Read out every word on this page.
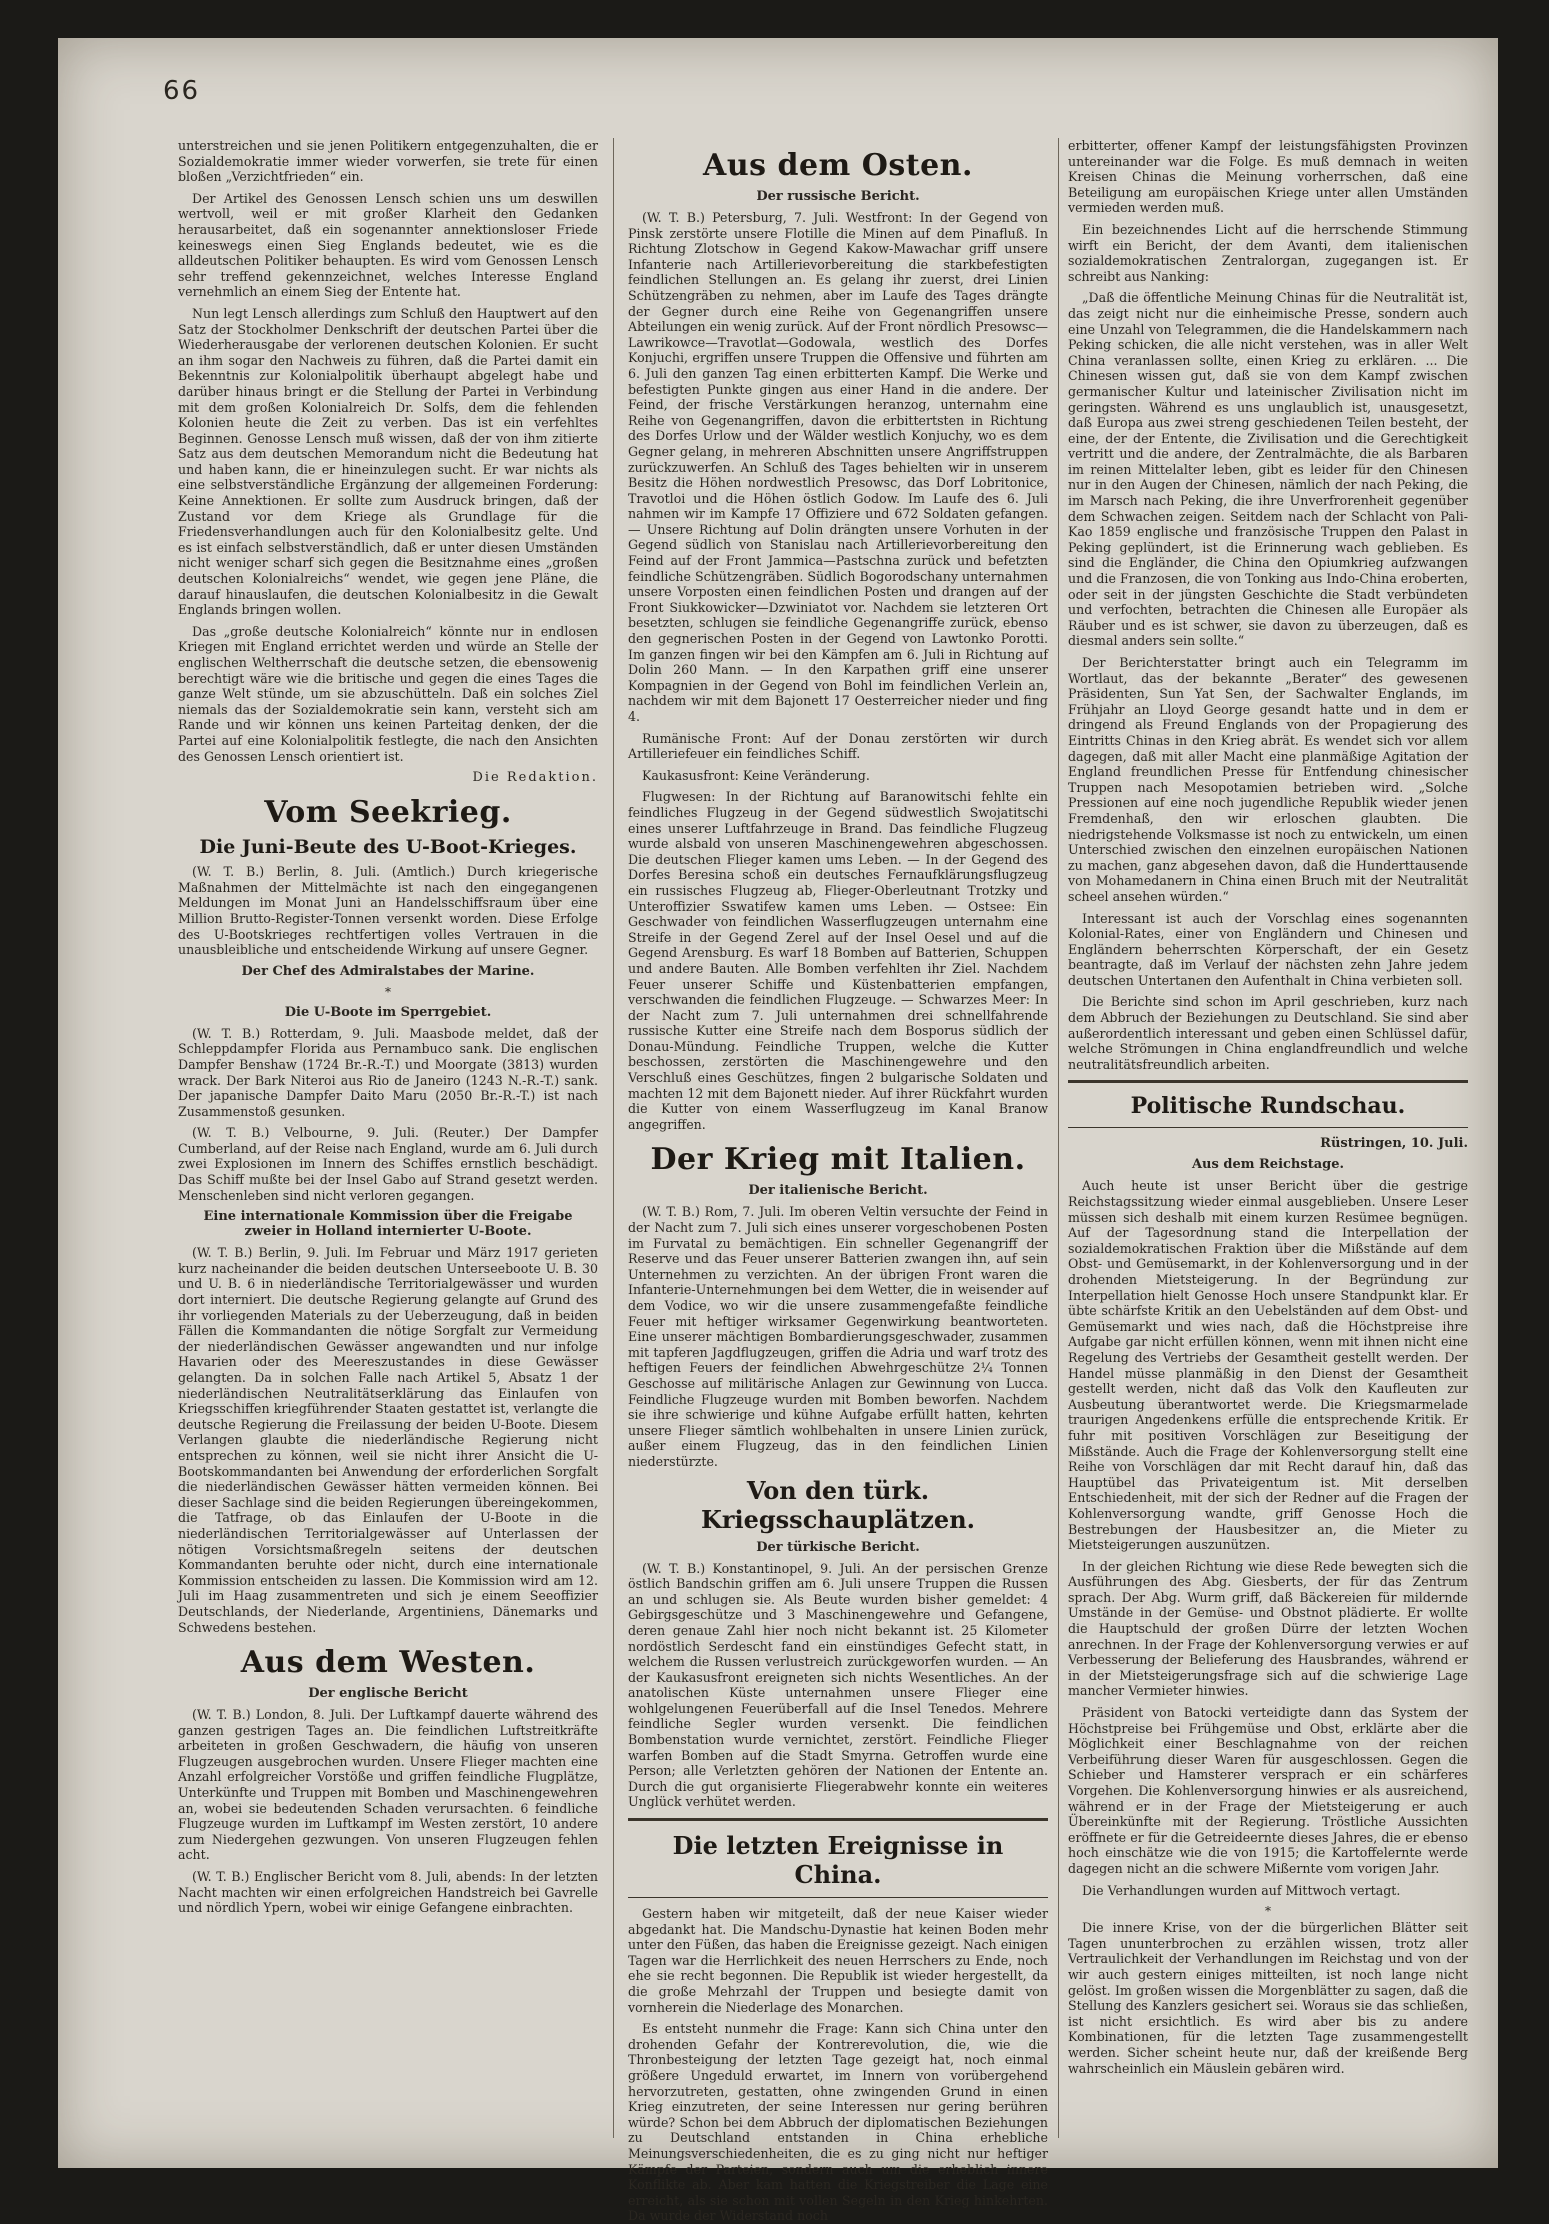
66

unterstreichen und sie jenen Politikern entgegenzuhalten, die er Sozialdemokratie immer wieder vorwerfen, sie trete für einen bloßen „Verzichtfrieden“ ein.

Der Artikel des Genossen Lensch schien uns um deswillen wertvoll, weil er mit großer Klarheit den Gedanken herausarbeitet, daß ein sogenannter annektionsloser Friede keineswegs einen Sieg Englands bedeutet, wie es die alldeutschen Politiker behaupten. Es wird vom Genossen Lensch sehr treffend gekennzeichnet, welches Interesse England vernehmlich an einem Sieg der Entente hat.

Nun legt Lensch allerdings zum Schluß den Hauptwert auf den Satz der Stockholmer Denkschrift der deutschen Partei über die Wiederherausgabe der verlorenen deutschen Kolonien. Er sucht an ihm sogar den Nachweis zu führen, daß die Partei damit ein Bekenntnis zur Kolonialpolitik überhaupt abgelegt habe und darüber hinaus bringt er die Stellung der Partei in Verbindung mit dem großen Kolonialreich Dr. Solfs, dem die fehlenden Kolonien heute die Zeit zu verben. Das ist ein verfehltes Beginnen. Genosse Lensch muß wissen, daß der von ihm zitierte Satz aus dem deutschen Memorandum nicht die Bedeutung hat und haben kann, die er hineinzulegen sucht. Er war nichts als eine selbstverständliche Ergänzung der allgemeinen Forderung: Keine Annektionen. Er sollte zum Ausdruck bringen, daß der Zustand vor dem Kriege als Grundlage für die Friedensverhandlungen auch für den Kolonialbesitz gelte. Und es ist einfach selbstverständlich, daß er unter diesen Umständen nicht weniger scharf sich gegen die Besitznahme eines „großen deutschen Kolonialreichs“ wendet, wie gegen jene Pläne, die darauf hinauslaufen, die deutschen Kolonialbesitz in die Gewalt Englands bringen wollen.

Das „große deutsche Kolonialreich“ könnte nur in endlosen Kriegen mit England errichtet werden und würde an Stelle der englischen Weltherrschaft die deutsche setzen, die ebensowenig berechtigt wäre wie die britische und gegen die eines Tages die ganze Welt stünde, um sie abzuschütteln. Daß ein solches Ziel niemals das der Sozialdemokratie sein kann, versteht sich am Rande und wir können uns keinen Parteitag denken, der die Partei auf eine Kolonialpolitik festlegte, die nach den Ansichten des Genossen Lensch orientiert ist.

Die Redaktion.
Vom Seekrieg.
Die Juni-Beute des U-Boot-Krieges.

(W. T. B.) Berlin, 8. Juli. (Amtlich.) Durch kriegerische Maßnahmen der Mittelmächte ist nach den eingegangenen Meldungen im Monat Juni an Handelsschiffsraum über eine Million Brutto-Register-Tonnen versenkt worden. Diese Erfolge des U-Bootskrieges rechtfertigen volles Vertrauen in die unausbleibliche und entscheidende Wirkung auf unsere Gegner.

Der Chef des Admiralstabes der Marine.
*
Die U-Boote im Sperrgebiet.

(W. T. B.) Rotterdam, 9. Juli. Maasbode meldet, daß der Schleppdampfer Florida aus Pernambuco sank. Die englischen Dampfer Benshaw (1724 Br.-R.-T.) und Moorgate (3813) wurden wrack. Der Bark Niteroi aus Rio de Janeiro (1243 N.-R.-T.) sank. Der japanische Dampfer Daito Maru (2050 Br.-R.-T.) ist nach Zusammenstoß gesunken.

(W. T. B.) Velbourne, 9. Juli. (Reuter.) Der Dampfer Cumberland, auf der Reise nach England, wurde am 6. Juli durch zwei Explosionen im Innern des Schiffes ernstlich beschädigt. Das Schiff mußte bei der Insel Gabo auf Strand gesetzt werden. Menschenleben sind nicht verloren gegangen.

Eine internationale Kommission über die Freigabe zweier in Holland internierter U-Boote.

(W. T. B.) Berlin, 9. Juli. Im Februar und März 1917 gerieten kurz nacheinander die beiden deutschen Unterseeboote U. B. 30 und U. B. 6 in niederländische Territorialgewässer und wurden dort interniert. Die deutsche Regierung gelangte auf Grund des ihr vorliegenden Materials zu der Ueberzeugung, daß in beiden Fällen die Kommandanten die nötige Sorgfalt zur Vermeidung der niederländischen Gewässer angewandten und nur infolge Havarien oder des Meereszustandes in diese Gewässer gelangten. Da in solchen Falle nach Artikel 5, Absatz 1 der niederländischen Neutralitätserklärung das Einlaufen von Kriegsschiffen kriegführender Staaten gestattet ist, verlangte die deutsche Regierung die Freilassung der beiden U-Boote. Diesem Verlangen glaubte die niederländische Regierung nicht entsprechen zu können, weil sie nicht ihrer Ansicht die U-Bootskommandanten bei Anwendung der erforderlichen Sorgfalt die niederländischen Gewässer hätten vermeiden können. Bei dieser Sachlage sind die beiden Regierungen übereingekommen, die Tatfrage, ob das Einlaufen der U-Boote in die niederländischen Territorialgewässer auf Unterlassen der nötigen Vorsichtsmaßregeln seitens der deutschen Kommandanten beruhte oder nicht, durch eine internationale Kommission entscheiden zu lassen. Die Kommission wird am 12. Juli im Haag zusammentreten und sich je einem Seeoffizier Deutschlands, der Niederlande, Argentiniens, Dänemarks und Schwedens bestehen.

Aus dem Westen.
Der englische Bericht

(W. T. B.) London, 8. Juli. Der Luftkampf dauerte während des ganzen gestrigen Tages an. Die feindlichen Luftstreitkräfte arbeiteten in großen Geschwadern, die häufig von unseren Flugzeugen ausgebrochen wurden. Unsere Flieger machten eine Anzahl erfolgreicher Vorstöße und griffen feindliche Flugplätze, Unterkünfte und Truppen mit Bomben und Maschinengewehren an, wobei sie bedeutenden Schaden verursachten. 6 feindliche Flugzeuge wurden im Luftkampf im Westen zerstört, 10 andere zum Niedergehen gezwungen. Von unseren Flugzeugen fehlen acht.

(W. T. B.) Englischer Bericht vom 8. Juli, abends: In der letzten Nacht machten wir einen erfolgreichen Handstreich bei Gavrelle und nördlich Ypern, wobei wir einige Gefangene einbrachten.

Aus dem Osten.
Der russische Bericht.

(W. T. B.) Petersburg, 7. Juli. Westfront: In der Gegend von Pinsk zerstörte unsere Flotille die Minen auf dem Pinafluß. In Richtung Zlotschow in Gegend Kakow-Mawachar griff unsere Infanterie nach Artillerievorbereitung die starkbefestigten feindlichen Stellungen an. Es gelang ihr zuerst, drei Linien Schützengräben zu nehmen, aber im Laufe des Tages drängte der Gegner durch eine Reihe von Gegenangriffen unsere Abteilungen ein wenig zurück. Auf der Front nördlich Presowsc—Lawrikowce—Travotlat—Godowala, westlich des Dorfes Konjuchi, ergriffen unsere Truppen die Offensive und führten am 6. Juli den ganzen Tag einen erbitterten Kampf. Die Werke und befestigten Punkte gingen aus einer Hand in die andere. Der Feind, der frische Verstärkungen heranzog, unternahm eine Reihe von Gegenangriffen, davon die erbittertsten in Richtung des Dorfes Urlow und der Wälder westlich Konjuchy, wo es dem Gegner gelang, in mehreren Abschnitten unsere Angriffstruppen zurückzuwerfen. An Schluß des Tages behielten wir in unserem Besitz die Höhen nordwestlich Presowsc, das Dorf Lobritonice, Travotloi und die Höhen östlich Godow. Im Laufe des 6. Juli nahmen wir im Kampfe 17 Offiziere und 672 Soldaten gefangen. — Unsere Richtung auf Dolin drängten unsere Vorhuten in der Gegend südlich von Stanislau nach Artillerievorbereitung den Feind auf der Front Jammica—Pastschna zurück und befetzten feindliche Schützengräben. Südlich Bogorodschany unternahmen unsere Vorposten einen feindlichen Posten und drangen auf der Front Siukkowicker—Dzwiniatot vor. Nachdem sie letzteren Ort besetzten, schlugen sie feindliche Gegenangriffe zurück, ebenso den gegnerischen Posten in der Gegend von Lawtonko Porotti. Im ganzen fingen wir bei den Kämpfen am 6. Juli in Richtung auf Dolin 260 Mann. — In den Karpathen griff eine unserer Kompagnien in der Gegend von Bohl im feindlichen Verlein an, nachdem wir mit dem Bajonett 17 Oesterreicher nieder und fing 4.

Rumänische Front: Auf der Donau zerstörten wir durch Artilleriefeuer ein feindliches Schiff.

Kaukasusfront: Keine Veränderung.

Flugwesen: In der Richtung auf Baranowitschi fehlte ein feindliches Flugzeug in der Gegend südwestlich Swojatitschi eines unserer Luftfahrzeuge in Brand. Das feindliche Flugzeug wurde alsbald von unseren Maschinengewehren abgeschossen. Die deutschen Flieger kamen ums Leben. — In der Gegend des Dorfes Beresina schoß ein deutsches Fernaufklärungsflugzeug ein russisches Flugzeug ab, Flieger-Oberleutnant Trotzky und Unteroffizier Sswatifew kamen ums Leben. — Ostsee: Ein Geschwader von feindlichen Wasserflugzeugen unternahm eine Streife in der Gegend Zerel auf der Insel Oesel und auf die Gegend Arensburg. Es warf 18 Bomben auf Batterien, Schuppen und andere Bauten. Alle Bomben verfehlten ihr Ziel. Nachdem Feuer unserer Schiffe und Küstenbatterien empfangen, verschwanden die feindlichen Flugzeuge. — Schwarzes Meer: In der Nacht zum 7. Juli unternahmen drei schnellfahrende russische Kutter eine Streife nach dem Bosporus südlich der Donau-Mündung. Feindliche Truppen, welche die Kutter beschossen, zerstörten die Maschinengewehre und den Verschluß eines Geschützes, fingen 2 bulgarische Soldaten und machten 12 mit dem Bajonett nieder. Auf ihrer Rückfahrt wurden die Kutter von einem Wasserflugzeug im Kanal Branow angegriffen.

Der Krieg mit Italien.
Der italienische Bericht.

(W. T. B.) Rom, 7. Juli. Im oberen Veltin versuchte der Feind in der Nacht zum 7. Juli sich eines unserer vorgeschobenen Posten im Furvatal zu bemächtigen. Ein schneller Gegenangriff der Reserve und das Feuer unserer Batterien zwangen ihn, auf sein Unternehmen zu verzichten. An der übrigen Front waren die Infanterie-Unternehmungen bei dem Wetter, die in weisender auf dem Vodice, wo wir die unsere zusammengefaßte feindliche Feuer mit heftiger wirksamer Gegenwirkung beantworteten. Eine unserer mächtigen Bombardierungsgeschwader, zusammen mit tapferen Jagdflugzeugen, griffen die Adria und warf trotz des heftigen Feuers der feindlichen Abwehrgeschütze 2¼ Tonnen Geschosse auf militärische Anlagen zur Gewinnung von Lucca. Feindliche Flugzeuge wurden mit Bomben beworfen. Nachdem sie ihre schwierige und kühne Aufgabe erfüllt hatten, kehrten unsere Flieger sämtlich wohlbehalten in unsere Linien zurück, außer einem Flugzeug, das in den feindlichen Linien niederstürzte.

Von den türk. Kriegsschauplätzen.
Der türkische Bericht.

(W. T. B.) Konstantinopel, 9. Juli. An der persischen Grenze östlich Bandschin griffen am 6. Juli unsere Truppen die Russen an und schlugen sie. Als Beute wurden bisher gemeldet: 4 Gebirgsgeschütze und 3 Maschinengewehre und Gefangene, deren genaue Zahl hier noch nicht bekannt ist. 25 Kilometer nordöstlich Serdescht fand ein einstündiges Gefecht statt, in welchem die Russen verlustreich zurückgeworfen wurden. — An der Kaukasusfront ereigneten sich nichts Wesentliches. An der anatolischen Küste unternahmen unsere Flieger eine wohlgelungenen Feuerüberfall auf die Insel Tenedos. Mehrere feindliche Segler wurden versenkt. Die feindlichen Bombenstation wurde vernichtet, zerstört. Feindliche Flieger warfen Bomben auf die Stadt Smyrna. Getroffen wurde eine Person; alle Verletzten gehören der Nationen der Entente an. Durch die gut organisierte Fliegerabwehr konnte ein weiteres Unglück verhütet werden.

Die letzten Ereignisse in China.

Gestern haben wir mitgeteilt, daß der neue Kaiser wieder abgedankt hat. Die Mandschu-Dynastie hat keinen Boden mehr unter den Füßen, das haben die Ereignisse gezeigt. Nach einigen Tagen war die Herrlichkeit des neuen Herrschers zu Ende, noch ehe sie recht begonnen. Die Republik ist wieder hergestellt, da die große Mehrzahl der Truppen und besiegte damit von vornherein die Niederlage des Monarchen.

Es entsteht nunmehr die Frage: Kann sich China unter den drohenden Gefahr der Kontrerevolution, die, wie die Thronbesteigung der letzten Tage gezeigt hat, noch einmal größere Ungeduld erwartet, im Innern von vorübergehend hervorzutreten, gestatten, ohne zwingenden Grund in einen Krieg einzutreten, der seine Interessen nur gering berühren würde? Schon bei dem Abbruch der diplomatischen Beziehungen zu Deutschland entstanden in China erhebliche Meinungsverschiedenheiten, die es zu ging nicht nur heftiger Kämpfe der Parteien, sondern auch um die erheblich innere Konflikte ab. Aber kam hatten die Kriegstreiber die Lage eine erreicht, als sie schon mit vollen Segeln in den Krieg hinkehrten. Da wurde der Widerstand noch

erbitterter, offener Kampf der leistungsfähigsten Provinzen untereinander war die Folge. Es muß demnach in weiten Kreisen Chinas die Meinung vorherrschen, daß eine Beteiligung am europäischen Kriege unter allen Umständen vermieden werden muß.

Ein bezeichnendes Licht auf die herrschende Stimmung wirft ein Bericht, der dem Avanti, dem italienischen sozialdemokratischen Zentralorgan, zugegangen ist. Er schreibt aus Nanking:

„Daß die öffentliche Meinung Chinas für die Neutralität ist, das zeigt nicht nur die einheimische Presse, sondern auch eine Unzahl von Telegrammen, die die Handelskammern nach Peking schicken, die alle nicht verstehen, was in aller Welt China veranlassen sollte, einen Krieg zu erklären. ... Die Chinesen wissen gut, daß sie von dem Kampf zwischen germanischer Kultur und lateinischer Zivilisation nicht im geringsten. Während es uns unglaublich ist, unausgesetzt, daß Europa aus zwei streng geschiedenen Teilen besteht, der eine, der der Entente, die Zivilisation und die Gerechtigkeit vertritt und die andere, der Zentralmächte, die als Barbaren im reinen Mittelalter leben, gibt es leider für den Chinesen nur in den Augen der Chinesen, nämlich der nach Peking, die im Marsch nach Peking, die ihre Unverfrorenheit gegenüber dem Schwachen zeigen. Seitdem nach der Schlacht von Pali-Kao 1859 englische und französische Truppen den Palast in Peking geplündert, ist die Erinnerung wach geblieben. Es sind die Engländer, die China den Opiumkrieg aufzwangen und die Franzosen, die von Tonking aus Indo-China eroberten, oder seit in der jüngsten Geschichte die Stadt verbündeten und verfochten, betrachten die Chinesen alle Europäer als Räuber und es ist schwer, sie davon zu überzeugen, daß es diesmal anders sein sollte.“

Der Berichterstatter bringt auch ein Telegramm im Wortlaut, das der bekannte „Berater“ des gewesenen Präsidenten, Sun Yat Sen, der Sachwalter Englands, im Frühjahr an Lloyd George gesandt hatte und in dem er dringend als Freund Englands von der Propagierung des Eintritts Chinas in den Krieg abrät. Es wendet sich vor allem dagegen, daß mit aller Macht eine planmäßige Agitation der England freundlichen Presse für Entfendung chinesischer Truppen nach Mesopotamien betrieben wird. „Solche Pressionen auf eine noch jugendliche Republik wieder jenen Fremdenhaß, den wir erloschen glaubten. Die niedrigstehende Volksmasse ist noch zu entwickeln, um einen Unterschied zwischen den einzelnen europäischen Nationen zu machen, ganz abgesehen davon, daß die Hunderttausende von Mohamedanern in China einen Bruch mit der Neutralität scheel ansehen würden.“

Interessant ist auch der Vorschlag eines sogenannten Kolonial-Rates, einer von Engländern und Chinesen und Engländern beherrschten Körperschaft, der ein Gesetz beantragte, daß im Verlauf der nächsten zehn Jahre jedem deutschen Untertanen den Aufenthalt in China verbieten soll.

Die Berichte sind schon im April geschrieben, kurz nach dem Abbruch der Beziehungen zu Deutschland. Sie sind aber außerordentlich interessant und geben einen Schlüssel dafür, welche Strömungen in China englandfreundlich und welche neutralitätsfreundlich arbeiten.

Politische Rundschau.
Rüstringen, 10. Juli.
Aus dem Reichstage.

Auch heute ist unser Bericht über die gestrige Reichstagssitzung wieder einmal ausgeblieben. Unsere Leser müssen sich deshalb mit einem kurzen Resümee begnügen. Auf der Tagesordnung stand die Interpellation der sozialdemokratischen Fraktion über die Mißstände auf dem Obst- und Gemüsemarkt, in der Kohlenversorgung und in der drohenden Mietsteigerung. In der Begründung zur Interpellation hielt Genosse Hoch unsere Standpunkt klar. Er übte schärfste Kritik an den Uebelständen auf dem Obst- und Gemüsemarkt und wies nach, daß die Höchstpreise ihre Aufgabe gar nicht erfüllen können, wenn mit ihnen nicht eine Regelung des Vertriebs der Gesamtheit gestellt werden. Der Handel müsse planmäßig in den Dienst der Gesamtheit gestellt werden, nicht daß das Volk den Kaufleuten zur Ausbeutung überantwortet werde. Die Kriegsmarmelade traurigen Angedenkens erfülle die entsprechende Kritik. Er fuhr mit positiven Vorschlägen zur Beseitigung der Mißstände. Auch die Frage der Kohlenversorgung stellt eine Reihe von Vorschlägen dar mit Recht darauf hin, daß das Hauptübel das Privateigentum ist. Mit derselben Entschiedenheit, mit der sich der Redner auf die Fragen der Kohlenversorgung wandte, griff Genosse Hoch die Bestrebungen der Hausbesitzer an, die Mieter zu Mietsteigerungen auszunützen.

In der gleichen Richtung wie diese Rede bewegten sich die Ausführungen des Abg. Giesberts, der für das Zentrum sprach. Der Abg. Wurm griff, daß Bäckereien für mildernde Umstände in der Gemüse- und Obstnot plädierte. Er wollte die Hauptschuld der großen Dürre der letzten Wochen anrechnen. In der Frage der Kohlenversorgung verwies er auf Verbesserung der Belieferung des Hausbrandes, während er in der Mietsteigerungsfrage sich auf die schwierige Lage mancher Vermieter hinwies.

Präsident von Batocki verteidigte dann das System der Höchstpreise bei Frühgemüse und Obst, erklärte aber die Möglichkeit einer Beschlagnahme von der reichen Verbeiführung dieser Waren für ausgeschlossen. Gegen die Schieber und Hamsterer versprach er ein schärferes Vorgehen. Die Kohlenversorgung hinwies er als ausreichend, während er in der Frage der Mietsteigerung er auch Übereinkünfte mit der Regierung. Tröstliche Aussichten eröffnete er für die Getreideernte dieses Jahres, die er ebenso hoch einschätze wie die von 1915; die Kartoffelernte werde dagegen nicht an die schwere Mißernte vom vorigen Jahr.

Die Verhandlungen wurden auf Mittwoch vertagt.

*

Die innere Krise, von der die bürgerlichen Blätter seit Tagen ununterbrochen zu erzählen wissen, trotz aller Vertraulichkeit der Verhandlungen im Reichstag und von der wir auch gestern einiges mitteilten, ist noch lange nicht gelöst. Im großen wissen die Morgenblätter zu sagen, daß die Stellung des Kanzlers gesichert sei. Woraus sie das schließen, ist nicht ersichtlich. Es wird aber bis zu andere Kombinationen, für die letzten Tage zusammengestellt werden. Sicher scheint heute nur, daß der kreißende Berg wahrscheinlich ein Mäuslein gebären wird.
